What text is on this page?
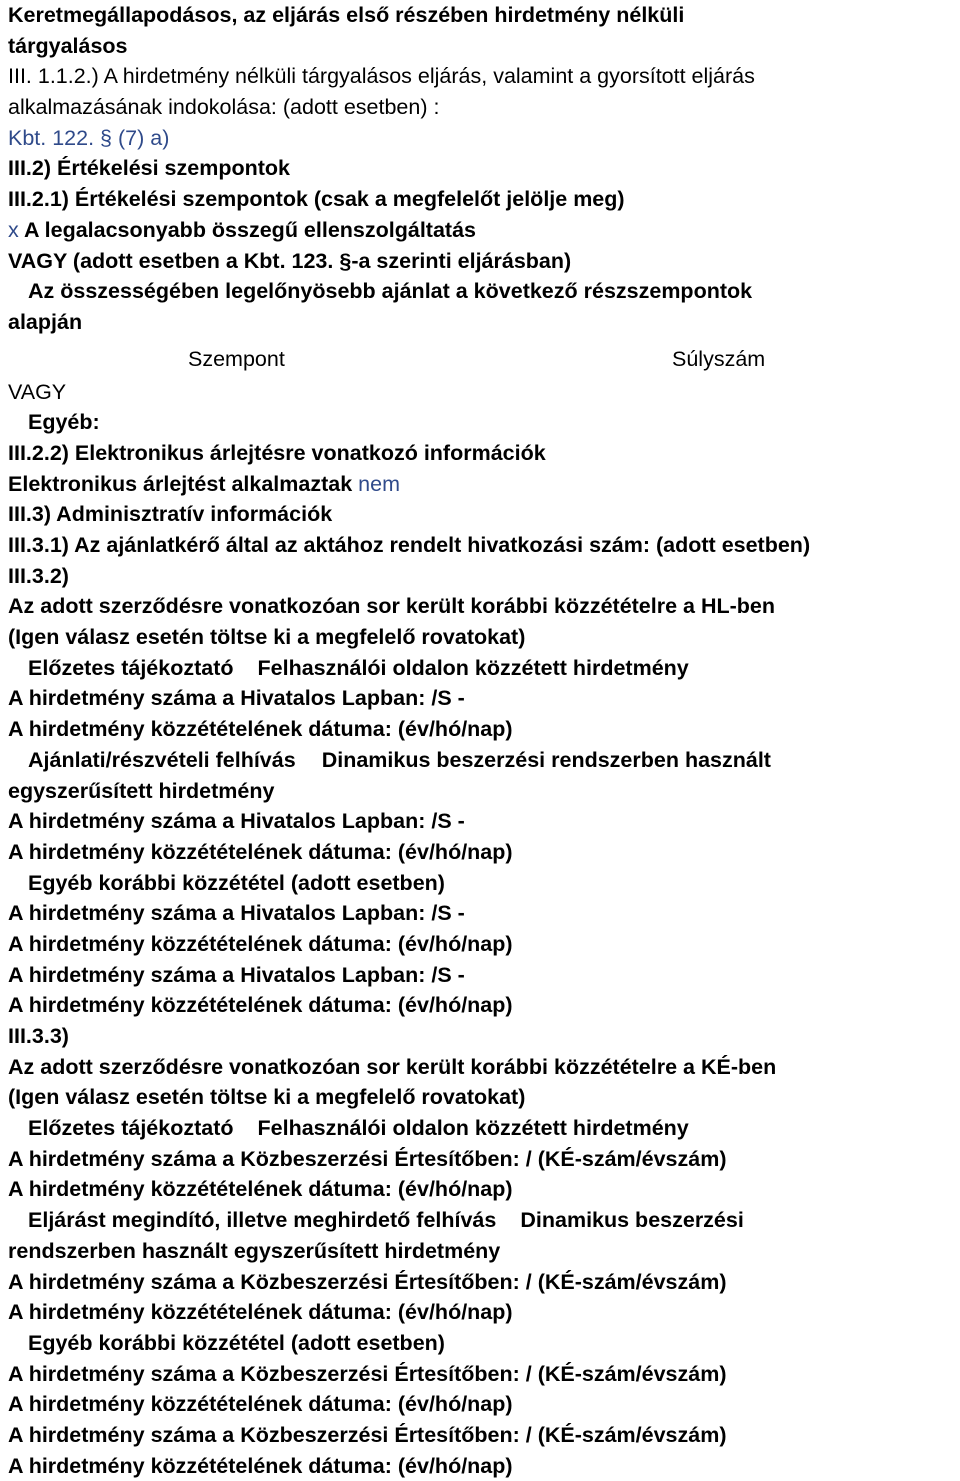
Keretmegállapodásos, az eljárás első részében hirdetmény nélküli
tárgyalásos
III. 1.1.2.) A hirdetmény nélküli tárgyalásos eljárás, valamint a gyorsított eljárás
alkalmazásának indokolása: (adott esetben) :
Kbt. 122. § (7) a)
III.2) Értékelési szempontok
III.2.1) Értékelési szempontok (csak a megfelelőt jelölje meg)
x A legalacsonyabb összegű ellenszolgáltatás
VAGY (adott esetben a Kbt. 123. §-a szerinti eljárásban)
Az összességében legelőnyösebb ajánlat a következő részszempontok
alapján
Szempont	Súlyszám
VAGY
Egyéb:
III.2.2) Elektronikus árlejtésre vonatkozó információk
Elektronikus árlejtést alkalmaztak nem
III.3) Adminisztratív információk
III.3.1) Az ajánlatkérő által az aktához rendelt hivatkozási szám: (adott esetben)
III.3.2)
Az adott szerződésre vonatkozóan sor került korábbi közzétételre a HL-ben
(Igen válasz esetén töltse ki a megfelelő rovatokat)
Előzetes tájékoztató Felhasználói oldalon közzétett hirdetmény
A hirdetmény száma a Hivatalos Lapban: /S -
A hirdetmény közzétételének dátuma: (év/hó/nap)
Ajánlati/részvételi felhívás Dinamikus beszerzési rendszerben használt
egyszerűsített hirdetmény
A hirdetmény száma a Hivatalos Lapban: /S -
A hirdetmény közzétételének dátuma: (év/hó/nap)
Egyéb korábbi közzététel (adott esetben)
A hirdetmény száma a Hivatalos Lapban: /S -
A hirdetmény közzétételének dátuma: (év/hó/nap)
A hirdetmény száma a Hivatalos Lapban: /S -
A hirdetmény közzétételének dátuma: (év/hó/nap)
III.3.3)
Az adott szerződésre vonatkozóan sor került korábbi közzétételre a KÉ-ben
(Igen válasz esetén töltse ki a megfelelő rovatokat)
Előzetes tájékoztató Felhasználói oldalon közzétett hirdetmény
A hirdetmény száma a Közbeszerzési Értesítőben: / (KÉ-szám/évszám)
A hirdetmény közzétételének dátuma: (év/hó/nap)
Eljárást megindító, illetve meghirdető felhívás Dinamikus beszerzési
rendszerben használt egyszerűsített hirdetmény
A hirdetmény száma a Közbeszerzési Értesítőben: / (KÉ-szám/évszám)
A hirdetmény közzétételének dátuma: (év/hó/nap)
Egyéb korábbi közzététel (adott esetben)
A hirdetmény száma a Közbeszerzési Értesítőben: / (KÉ-szám/évszám)
A hirdetmény közzétételének dátuma: (év/hó/nap)
A hirdetmény száma a Közbeszerzési Értesítőben: / (KÉ-szám/évszám)
A hirdetmény közzétételének dátuma: (év/hó/nap)
